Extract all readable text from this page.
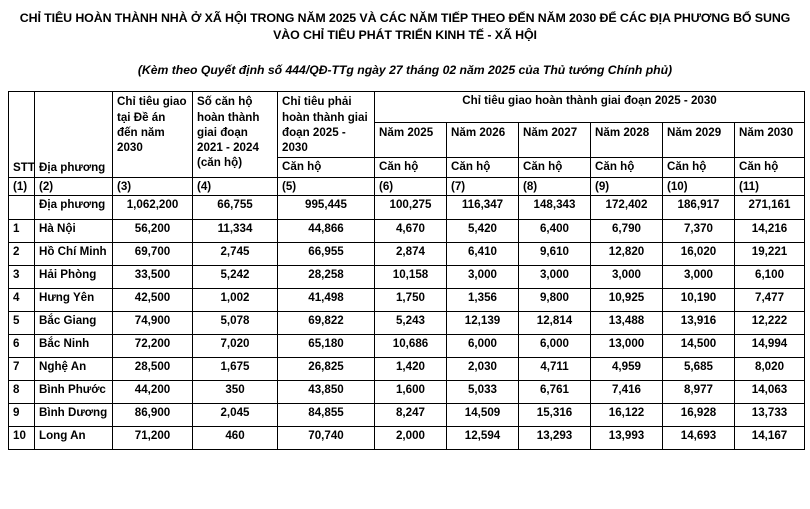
CHỈ TIÊU HOÀN THÀNH NHÀ Ở XÃ HỘI TRONG NĂM 2025 VÀ CÁC NĂM TIẾP THEO ĐẾN NĂM 2030 ĐỂ CÁC ĐỊA PHƯƠNG BỔ SUNG VÀO CHỈ TIÊU PHÁT TRIỂN KINH TẾ - XÃ HỘI
(Kèm theo Quyết định số 444/QĐ-TTg ngày 27 tháng 02 năm 2025 của Thủ tướng Chính phủ)
STT	Địa phương	Chỉ tiêu giao tại Đề án đến năm 2030	Số căn hộ hoàn thành giai đoạn 2021 - 2024 (căn hộ)	Chỉ tiêu phải hoàn thành giai đoạn 2025 - 2030	Chỉ tiêu giao hoàn thành giai đoạn 2025 - 2030					
					Năm 2025	Năm 2026	Năm 2027	Năm 2028	Năm 2029	Năm 2030
				Căn hộ	Căn hộ	Căn hộ	Căn hộ	Căn hộ	Căn hộ	Căn hộ
(1)	(2)	(3)	(4)	(5)	(6)	(7)	(8)	(9)	(10)	(11)
	Địa phương	1,062,200	66,755	995,445	100,275	116,347	148,343	172,402	186,917	271,161
1	Hà Nội	56,200	11,334	44,866	4,670	5,420	6,400	6,790	7,370	14,216
2	Hồ Chí Minh	69,700	2,745	66,955	2,874	6,410	9,610	12,820	16,020	19,221
3	Hải Phòng	33,500	5,242	28,258	10,158	3,000	3,000	3,000	3,000	6,100
4	Hưng Yên	42,500	1,002	41,498	1,750	1,356	9,800	10,925	10,190	7,477
5	Bắc Giang	74,900	5,078	69,822	5,243	12,139	12,814	13,488	13,916	12,222
6	Bắc Ninh	72,200	7,020	65,180	10,686	6,000	6,000	13,000	14,500	14,994
7	Nghệ An	28,500	1,675	26,825	1,420	2,030	4,711	4,959	5,685	8,020
8	Bình Phước	44,200	350	43,850	1,600	5,033	6,761	7,416	8,977	14,063
9	Bình Dương	86,900	2,045	84,855	8,247	14,509	15,316	16,122	16,928	13,733
10	Long An	71,200	460	70,740	2,000	12,594	13,293	13,993	14,693	14,167
